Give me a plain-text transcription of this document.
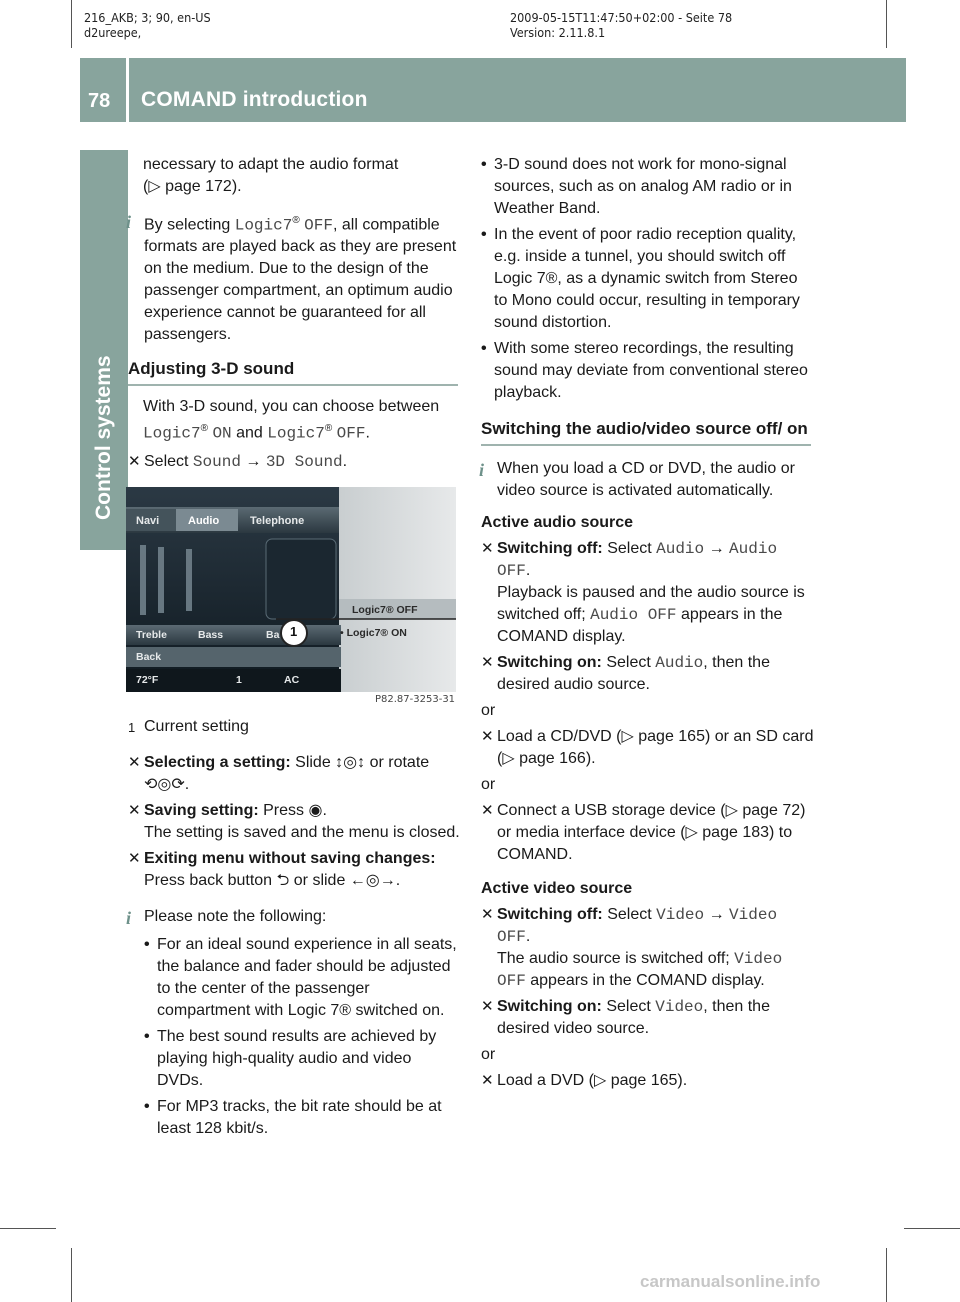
216_AKB; 3; 90, en-US
d2ureepe,
2009-05-15T11:47:50+02:00 - Seite 78
Version: 2.11.8.1
78	COMAND introduction
Control systems

necessary to adapt the audio format
(▷ page 172).

i By selecting Logic7® OFF, all compatible formats are played back as they are present on the medium. Due to the design of the passenger compartment, an optimum audio experience cannot be guaranteed for all passengers.

Adjusting 3-D sound

With 3-D sound, you can choose between
Logic7® ON and Logic7® OFF.

✕ Select Sound → 3D Sound.

Navi	Audio	Telephone
Logic7® OFF
• Logic7® ON
1
Treble	Bass	Ba
Back
72°F	1	AC
P82.87-3253-31

1 Current setting

✕ Selecting a setting: Slide ↕◎↕ or rotate ⟲◎⟳.

✕ Saving setting: Press ◉.
The setting is saved and the menu is closed.

✕ Exiting menu without saving changes:
Press back button ⮌ or slide ←◎→.

i Please note the following:

• For an ideal sound experience in all seats, the balance and fader should be adjusted to the center of the passenger compartment with Logic 7® switched on.

• The best sound results are achieved by playing high-quality audio and video DVDs.

• For MP3 tracks, the bit rate should be at least 128 kbit/s.

• 3-D sound does not work for mono-signal sources, such as on analog AM radio or in Weather Band.

• In the event of poor radio reception quality, e.g. inside a tunnel, you should switch off Logic 7®, as a dynamic switch from Stereo to Mono could occur, resulting in temporary sound distortion.

• With some stereo recordings, the resulting sound may deviate from conventional stereo playback.

Switching the audio/video source off/ on

i When you load a CD or DVD, the audio or video source is activated automatically.

Active audio source

✕ Switching off: Select Audio → Audio OFF.
Playback is paused and the audio source is switched off; Audio OFF appears in the COMAND display.

✕ Switching on: Select Audio, then the desired audio source.

or

✕ Load a CD/DVD (▷ page 165) or an SD card (▷ page 166).

or

✕ Connect a USB storage device (▷ page 72) or media interface device (▷ page 183) to COMAND.

Active video source

✕ Switching off: Select Video → Video OFF.
The audio source is switched off; Video OFF appears in the COMAND display.

✕ Switching on: Select Video, then the desired video source.

or

✕ Load a DVD (▷ page 165).

carmanualsonline.info
